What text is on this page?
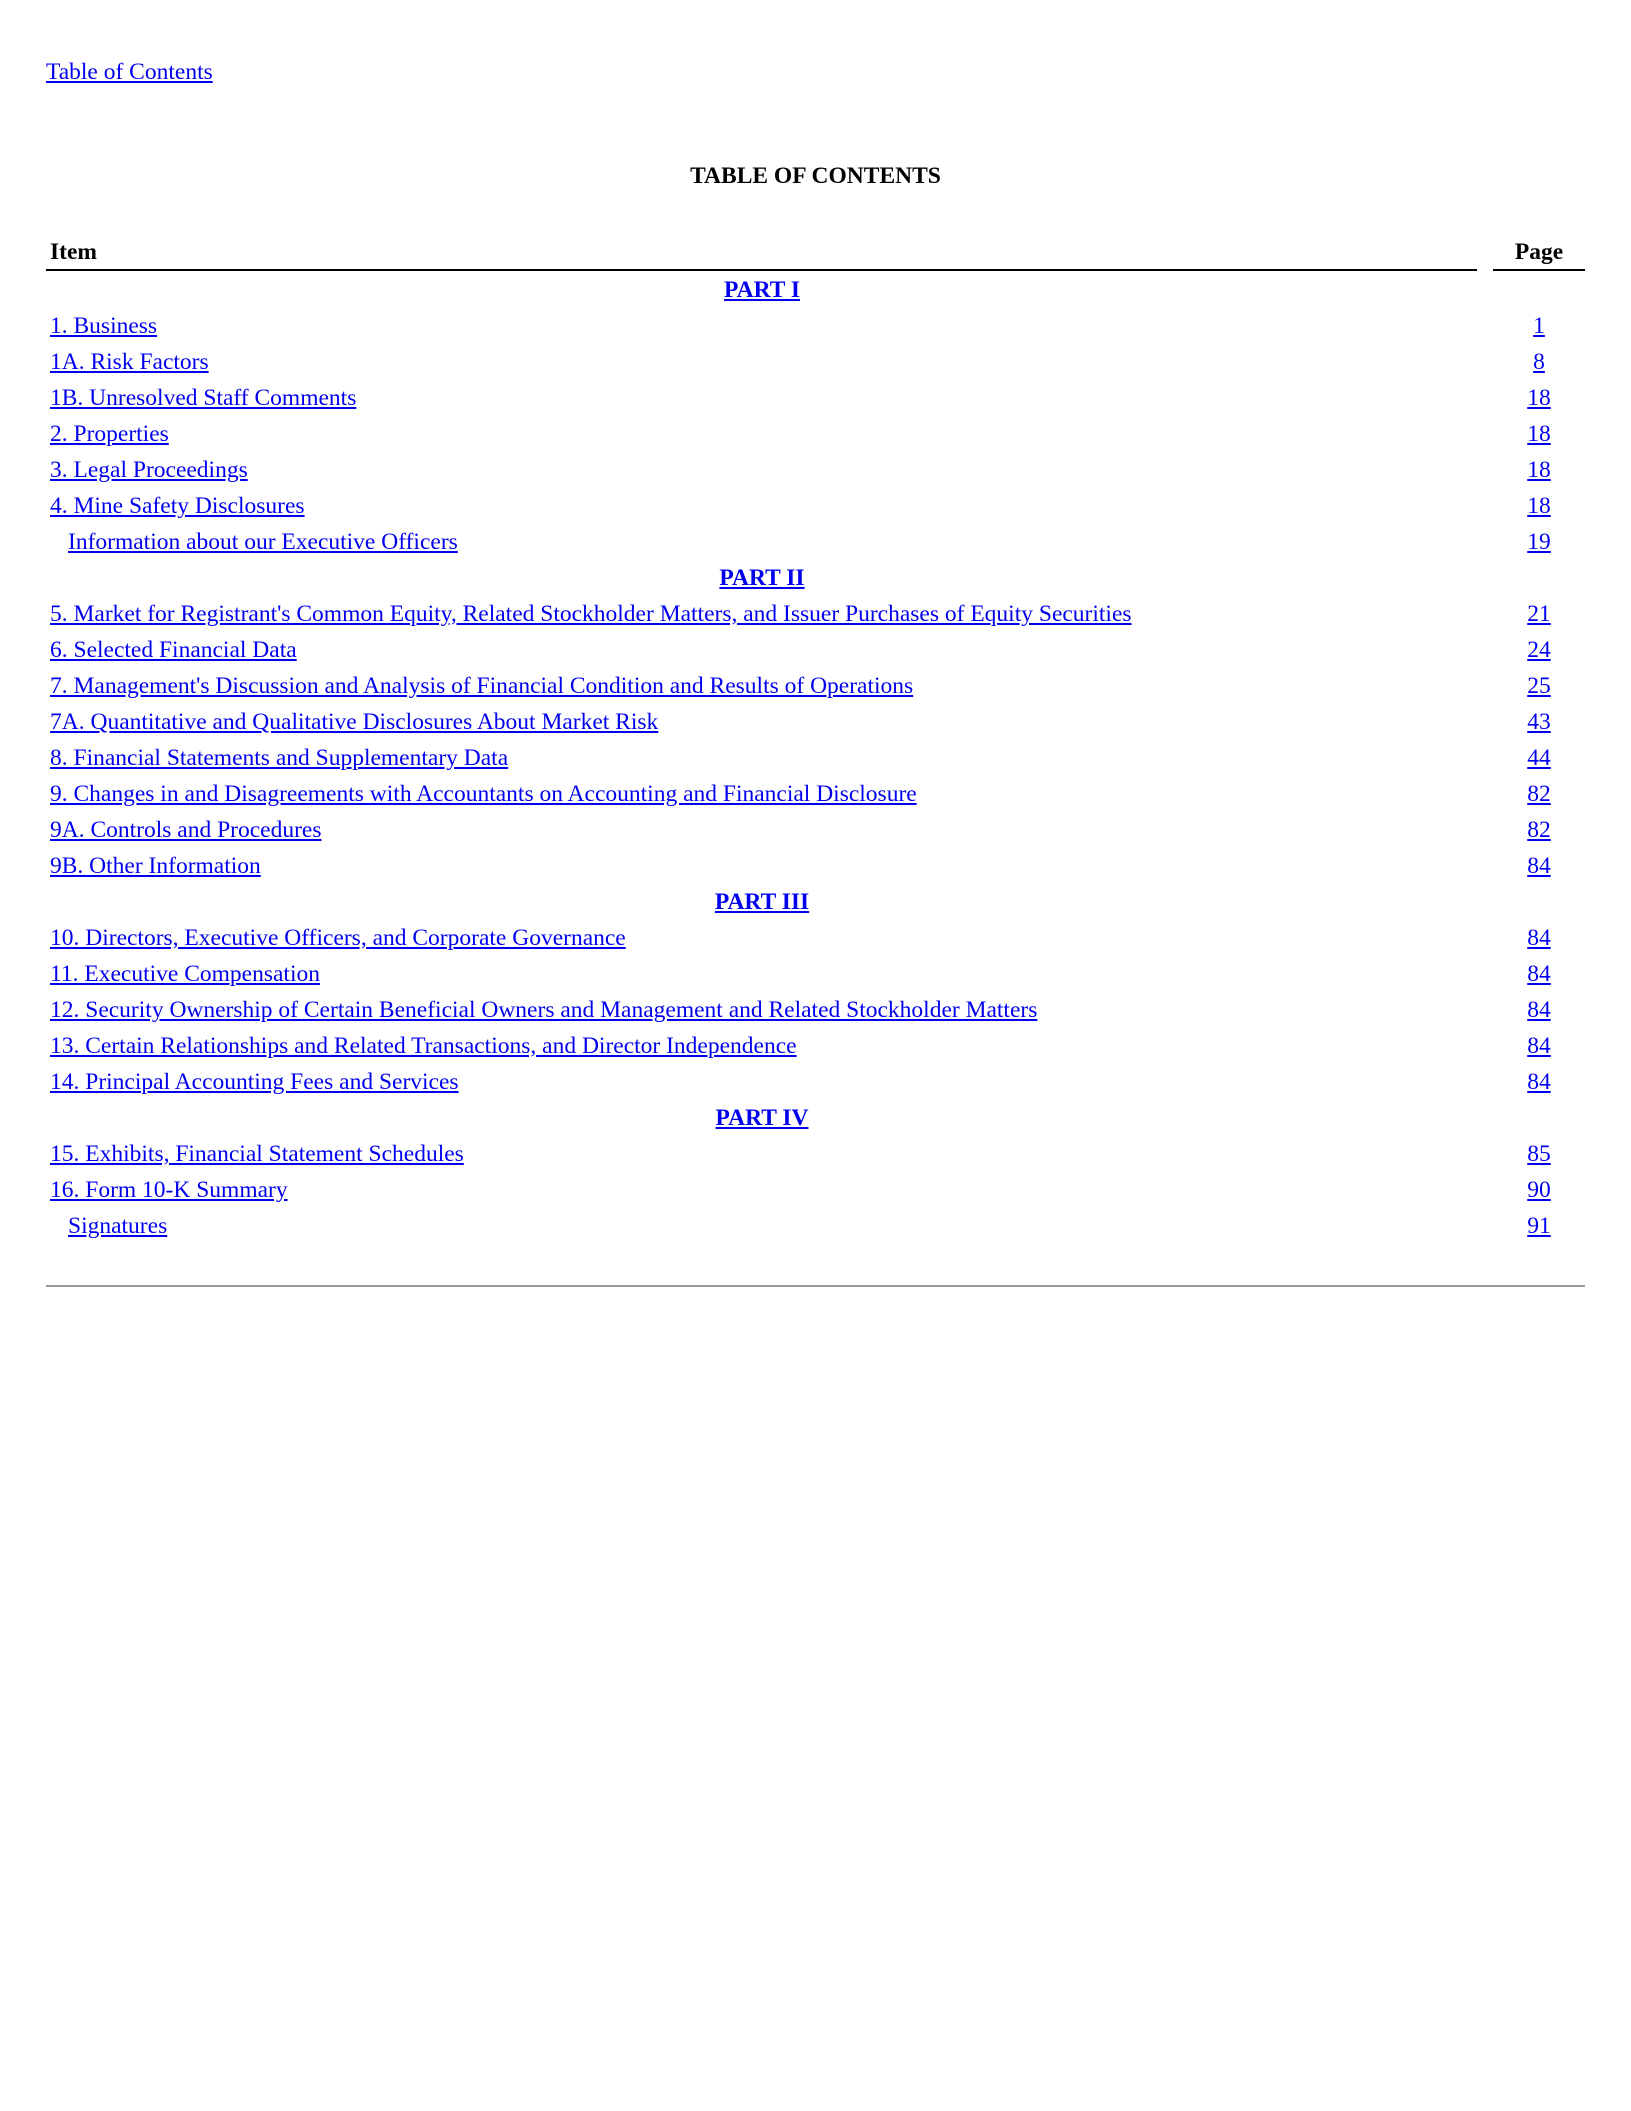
Table of Contents
TABLE OF CONTENTS
Item	Page
PART I
1. Business	1
1A. Risk Factors	8
1B. Unresolved Staff Comments	18
2. Properties	18
3. Legal Proceedings	18
4. Mine Safety Disclosures	18
Information about our Executive Officers	19
PART II
5. Market for Registrant's Common Equity, Related Stockholder Matters, and Issuer Purchases of Equity Securities	21
6. Selected Financial Data	24
7. Management's Discussion and Analysis of Financial Condition and Results of Operations	25
7A. Quantitative and Qualitative Disclosures About Market Risk	43
8. Financial Statements and Supplementary Data	44
9. Changes in and Disagreements with Accountants on Accounting and Financial Disclosure	82
9A. Controls and Procedures	82
9B. Other Information	84
PART III
10. Directors, Executive Officers, and Corporate Governance	84
11. Executive Compensation	84
12. Security Ownership of Certain Beneficial Owners and Management and Related Stockholder Matters	84
13. Certain Relationships and Related Transactions, and Director Independence	84
14. Principal Accounting Fees and Services	84
PART IV
15. Exhibits, Financial Statement Schedules	85
16. Form 10-K Summary	90
Signatures	91
